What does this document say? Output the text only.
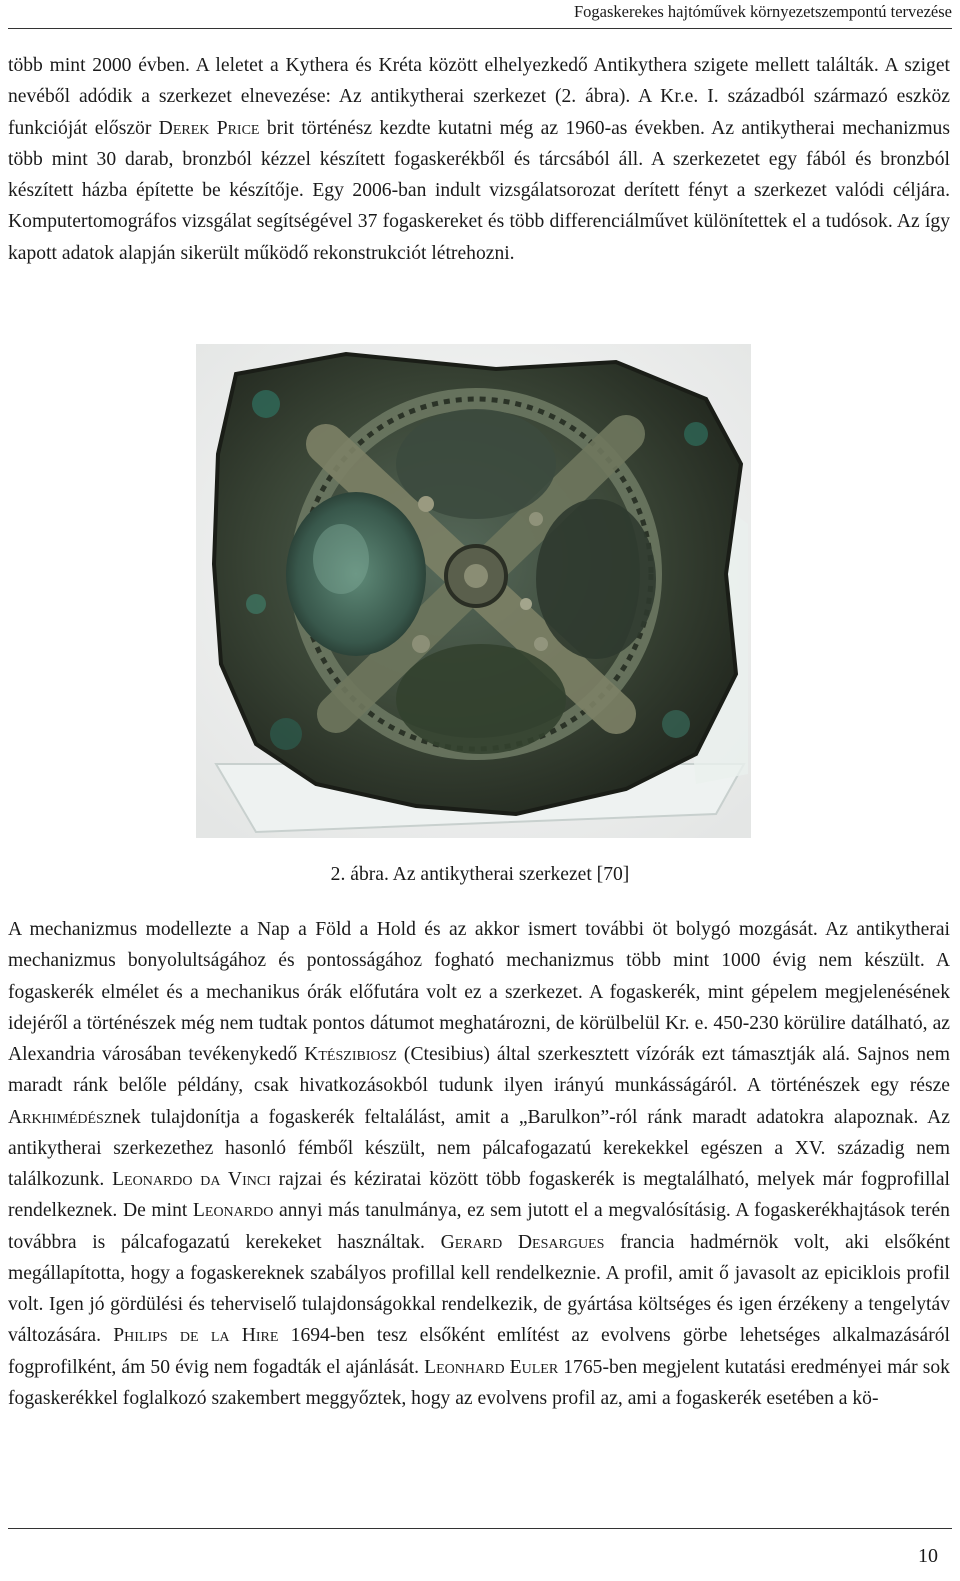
Fogaskerekes hajtóművek környezetszempontú tervezése
több mint 2000 évben. A leletet a Kythera és Kréta között elhelyezkedő Antikythera szigete mellett találták. A sziget nevéből adódik a szerkezet elnevezése: Az antikytherai szerkezet (2. ábra). A Kr.e. I. századból származó eszköz funkcióját először Derek Price brit történész kezdte kutatni még az 1960-as években. Az antikytherai mechanizmus több mint 30 darab, bronzból kézzel készített fogaskerékből és tárcsából áll. A szerkezetet egy fából és bronzból készített házba építette be készítője. Egy 2006-ban indult vizsgálatsorozat derített fényt a szerkezet valódi céljára. Komputertomográfos vizsgálat segítségével 37 fogaskereket és több differenciálművet különítettek el a tudósok. Az így kapott adatok alapján sikerült működő rekonstrukciót létrehozni.
2. ábra. Az antikytherai szerkezet [70]
A mechanizmus modellezte a Nap a Föld a Hold és az akkor ismert további öt bolygó mozgását. Az antikytherai mechanizmus bonyolultságához és pontosságához fogható mechanizmus több mint 1000 évig nem készült. A fogaskerék elmélet és a mechanikus órák előfutára volt ez a szerkezet. A fogaskerék, mint gépelem megjelenésének idejéről a történészek még nem tudtak pontos dátumot meghatározni, de körülbelül Kr. e. 450-230 körülire datálható, az Alexandria városában tevékenykedő Ktészibiosz (Ctesibius) által szerkesztett vízórák ezt támasztják alá. Sajnos nem maradt ránk belőle példány, csak hivatkozásokból tudunk ilyen irányú munkásságáról. A történészek egy része Arkhimédésznek tulajdonítja a fogaskerék feltalálást, amit a „Barulkon”-ról ránk maradt adatokra alapoznak. Az antikytherai szerkezethez hasonló fémből készült, nem pálcafogazatú kerekekkel egészen a XV. századig nem találkozunk. Leonardo da Vinci rajzai és kéziratai között több fogaskerék is megtalálható, melyek már fogprofillal rendelkeznek. De mint Leonardo annyi más tanulmánya, ez sem jutott el a megvalósításig. A fogaskerékhajtások terén továbbra is pálcafogazatú kerekeket használtak. Gerard Desargues francia hadmérnök volt, aki elsőként megállapította, hogy a fogaskereknek szabályos profillal kell rendelkeznie. A profil, amit ő javasolt az epiciklois profil volt. Igen jó gördülési és teherviselő tulajdonságokkal rendelkezik, de gyártása költséges és igen érzékeny a tengelytáv változására. Philips de la Hire 1694-ben tesz elsőként említést az evolvens görbe lehetséges alkalmazásáról fogprofilként, ám 50 évig nem fogadták el ajánlását. Leonhard Euler 1765-ben megjelent kutatási eredményei már sok fogaskerékkel foglalkozó szakembert meggyőztek, hogy az evolvens profil az, ami a fogaskerék esetében a kö-
10
